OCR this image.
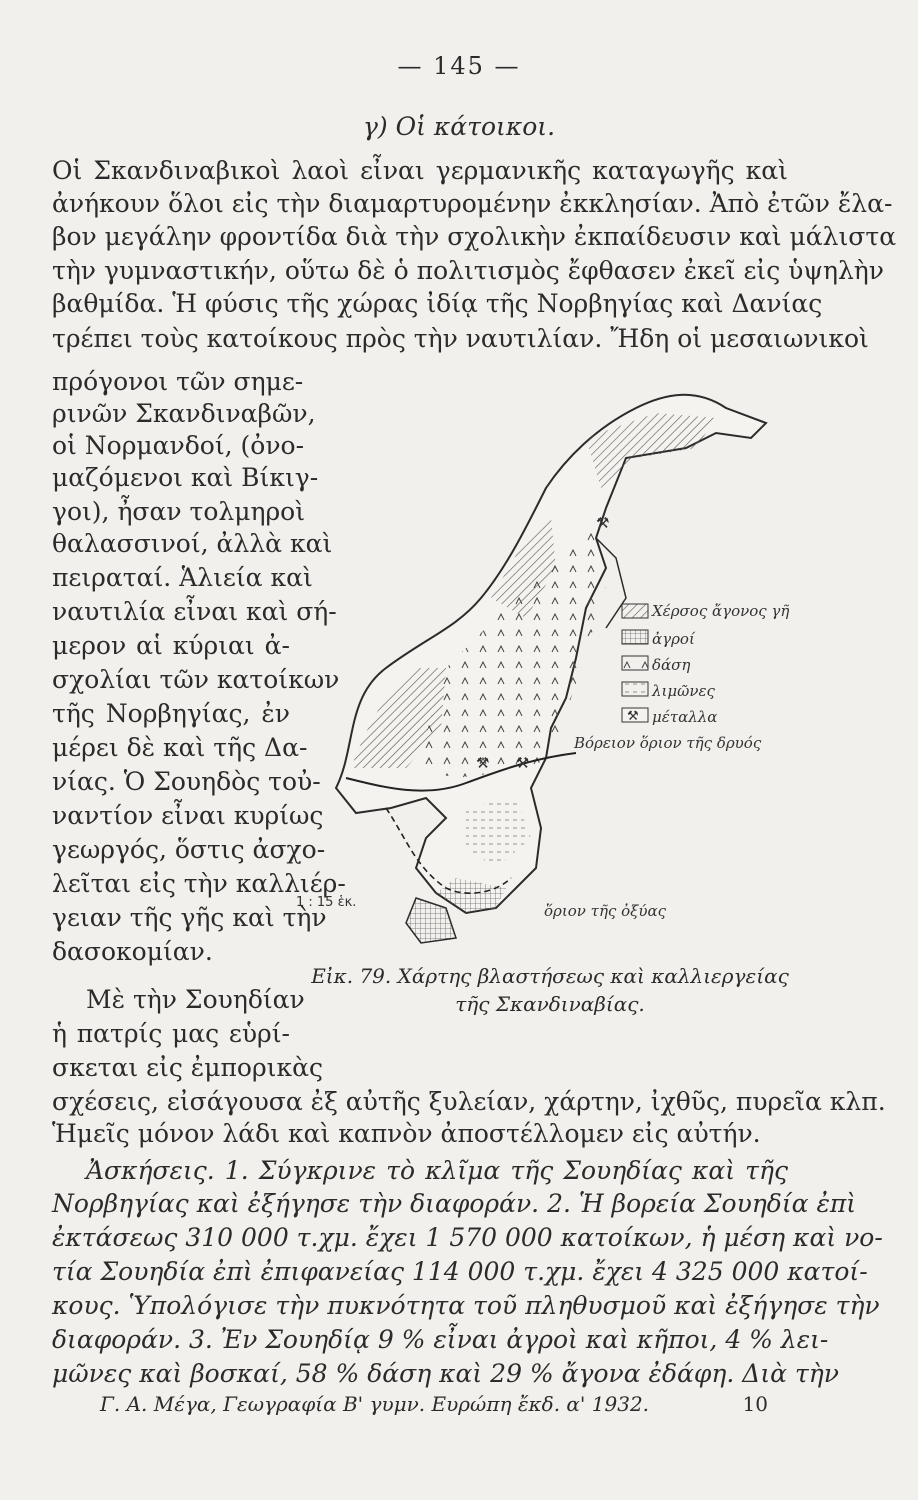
— 145 —
γ) Οἱ κάτοικοι.
Οἱ Σκανδιναβικοὶ λαοὶ εἶναι γερμανικῆς καταγωγῆς καὶ
ἀνήκουν ὅλοι εἰς τὴν διαμαρτυρομένην ἐκκλησίαν. Ἀπὸ ἐτῶν ἔλα-
βον μεγάλην φροντίδα διὰ τὴν σχολικὴν ἐκπαίδευσιν καὶ μάλιστα
τὴν γυμναστικήν, οὕτω δὲ ὁ πολιτισμὸς ἔφθασεν ἐκεῖ εἰς ὑψηλὴν
βαθμίδα. Ἡ φύσις τῆς χώρας ἰδίᾳ τῆς Νορβηγίας καὶ Δανίας
τρέπει τοὺς κατοίκους πρὸς τὴν ναυτιλίαν. Ἤδη οἱ μεσαιωνικοὶ
πρόγονοι τῶν σημε-
ρινῶν Σκανδιναβῶν,
οἱ Νορμανδοί, (ὀνο-
μαζόμενοι καὶ Βίκιγ-
γοι), ἦσαν τολμηροὶ
θαλασσινοί, ἀλλὰ καὶ
πειραταί. Ἁλιεία καὶ
ναυτιλία εἶναι καὶ σή-
μερον αἱ κύριαι ἀ-
σχολίαι τῶν κατοίκων
τῆς Νορβηγίας, ἐν
μέρει δὲ καὶ τῆς Δα-
νίας. Ὁ Σουηδὸς τοὐ-
ναντίον εἶναι κυρίως
γεωργός, ὅστις ἀσχο-
λεῖται εἰς τὴν καλλιέρ-
γειαν τῆς γῆς καὶ τὴν
δασοκομίαν.
Μὲ τὴν Σουηδίαν
ἡ πατρίς μας εὑρί-
σκεται εἰς ἐμπορικὰς
σχέσεις, εἰσάγουσα ἐξ αὐτῆς ξυλείαν, χάρτην, ἰχθῦς, πυρεῖα κλπ.
Ἡμεῖς μόνον λάδι καὶ καπνὸν ἀποστέλλομεν εἰς αὐτήν.
Ἀσκήσεις. 1. Σύγκρινε τὸ κλῖμα τῆς Σουηδίας καὶ τῆς
Νορβηγίας καὶ ἐξήγησε τὴν διαφοράν. 2. Ἡ βορεία Σουηδία ἐπὶ
ἐκτάσεως 310 000 τ.χμ. ἔχει 1 570 000 κατοίκων, ἡ μέση καὶ νο-
τία Σουηδία ἐπὶ ἐπιφανείας 114 000 τ.χμ. ἔχει 4 325 000 κατοί-
κους. Ὑπολόγισε τὴν πυκνότητα τοῦ πληθυσμοῦ καὶ ἐξήγησε τὴν
διαφοράν. 3. Ἐν Σουηδίᾳ 9 % εἶναι ἀγροὶ καὶ κῆποι, 4 % λει-
μῶνες καὶ βοσκαί, 58 % δάση καὶ 29 % ἄγονα ἐδάφη. Διὰ τὴν
⚒ ⚒
⚒
Χέρσος ἄγονος γῆ
ἀγροί
δάση
λιμῶνες
⚒ μέταλλα
Βόρειον ὅριον τῆς δρυός
ὅριον τῆς ὀξύας
1 : 15 ἑκ.
Εἰκ. 79. Χάρτης βλαστήσεως καὶ καλλιεργείας
τῆς Σκανδιναβίας.
Γ. Α. Μέγα, Γεωγραφία Β' γυμν. Ευρώπη ἔκδ. α' 1932.	10
